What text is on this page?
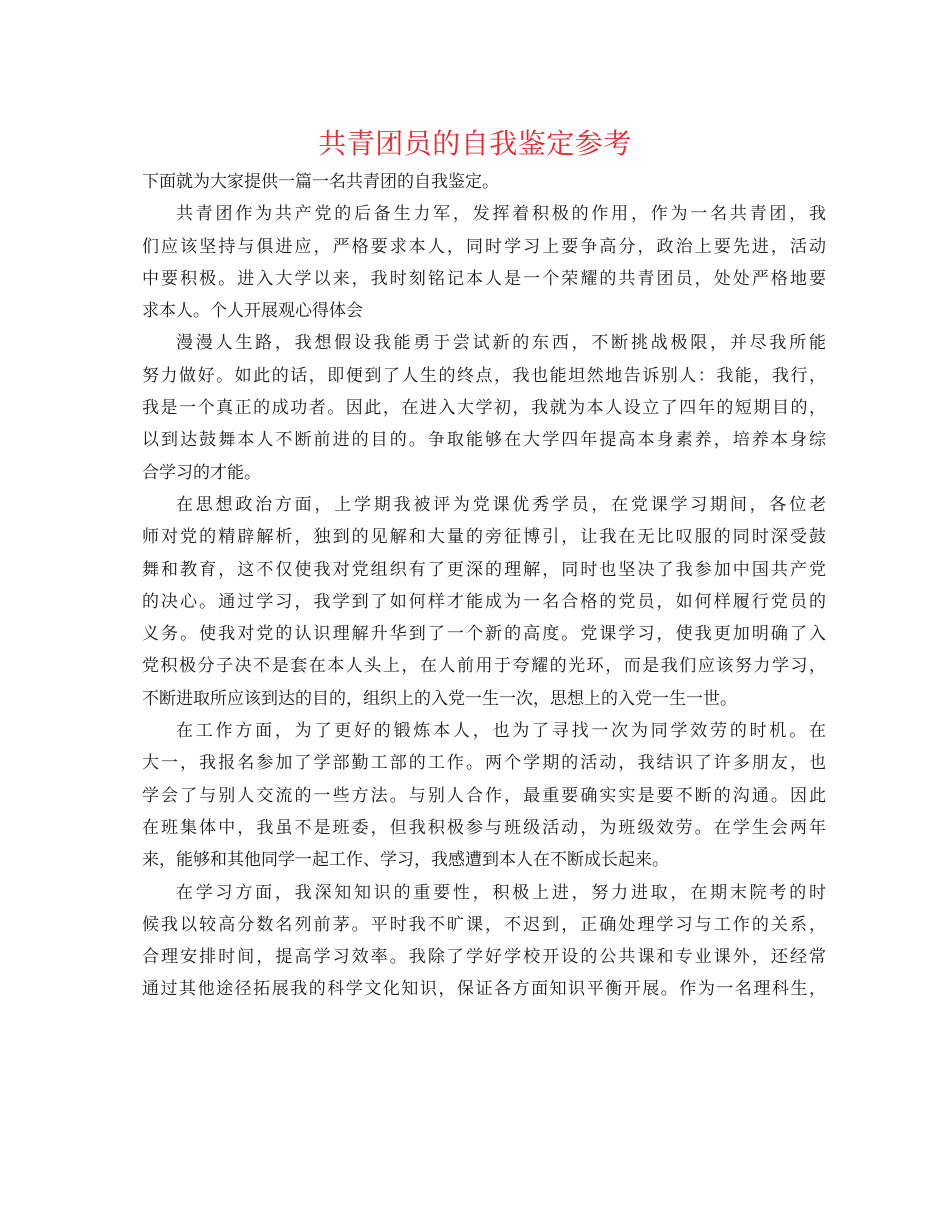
共青团员的自我鉴定参考
下面就为大家提供一篇一名共青团的自我鉴定。
共青团作为共产党的后备生力军，发挥着积极的作用，作为一名共青团，我
们应该坚持与俱进应，严格要求本人，同时学习上要争高分，政治上要先进，活动
中要积极。进入大学以来，我时刻铭记本人是一个荣耀的共青团员，处处严格地要
求本人。个人开展观心得体会
漫漫人生路，我想假设我能勇于尝试新的东西，不断挑战极限，并尽我所能
努力做好。如此的话，即便到了人生的终点，我也能坦然地告诉别人：我能，我行，
我是一个真正的成功者。因此，在进入大学初，我就为本人设立了四年的短期目的，
以到达鼓舞本人不断前进的目的。争取能够在大学四年提高本身素养，培养本身综
合学习的才能。
在思想政治方面，上学期我被评为党课优秀学员，在党课学习期间，各位老
师对党的精辟解析，独到的见解和大量的旁征博引，让我在无比叹服的同时深受鼓
舞和教育，这不仅使我对党组织有了更深的理解，同时也坚决了我参加中国共产党
的决心。通过学习，我学到了如何样才能成为一名合格的党员，如何样履行党员的
义务。使我对党的认识理解升华到了一个新的高度。党课学习，使我更加明确了入
党积极分子决不是套在本人头上，在人前用于夸耀的光环，而是我们应该努力学习，
不断进取所应该到达的目的，组织上的入党一生一次，思想上的入党一生一世。
在工作方面，为了更好的锻炼本人，也为了寻找一次为同学效劳的时机。在
大一，我报名参加了学部勤工部的工作。两个学期的活动，我结识了许多朋友，也
学会了与别人交流的一些方法。与别人合作，最重要确实实是要不断的沟通。因此
在班集体中，我虽不是班委，但我积极参与班级活动，为班级效劳。在学生会两年
来，能够和其他同学一起工作、学习，我感遭到本人在不断成长起来。
在学习方面，我深知知识的重要性，积极上进，努力进取，在期末院考的时
候我以较高分数名列前茅。平时我不旷课，不迟到，正确处理学习与工作的关系，
合理安排时间，提高学习效率。我除了学好学校开设的公共课和专业课外，还经常
通过其他途径拓展我的科学文化知识，保证各方面知识平衡开展。作为一名理科生，
